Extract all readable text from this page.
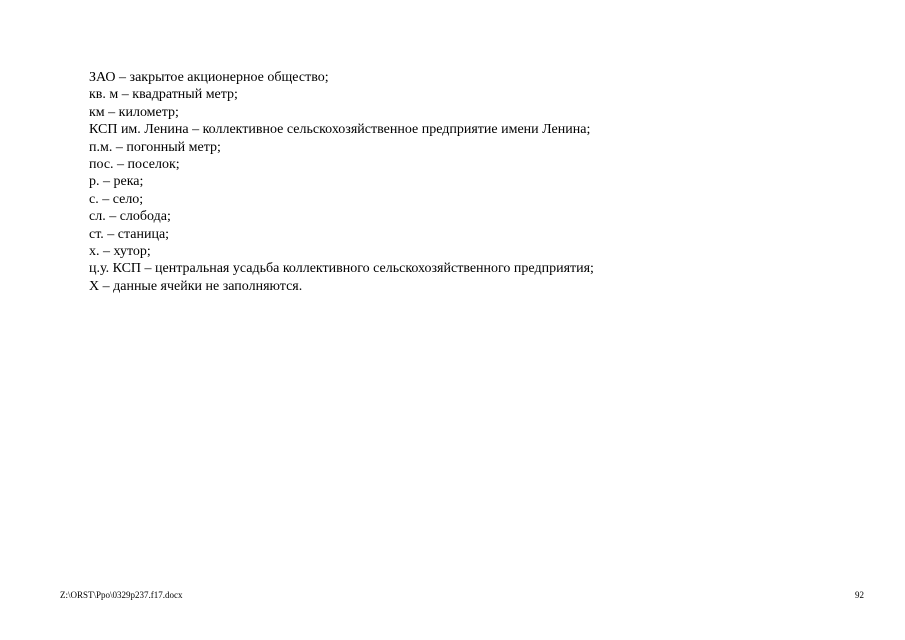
ЗАО – закрытое акционерное общество;
кв. м – квадратный метр;
км – километр;
КСП им. Ленина – коллективное сельскохозяйственное предприятие имени Ленина;
п.м. – погонный метр;
пос. – поселок;
р. – река;
с. – село;
сл. – слобода;
ст. – станица;
х. – хутор;
ц.у. КСП – центральная усадьба коллективного сельскохозяйственного предприятия;
Х – данные ячейки не заполняются.
Z:\ORST\Ppo\0329p237.f17.docx	92
